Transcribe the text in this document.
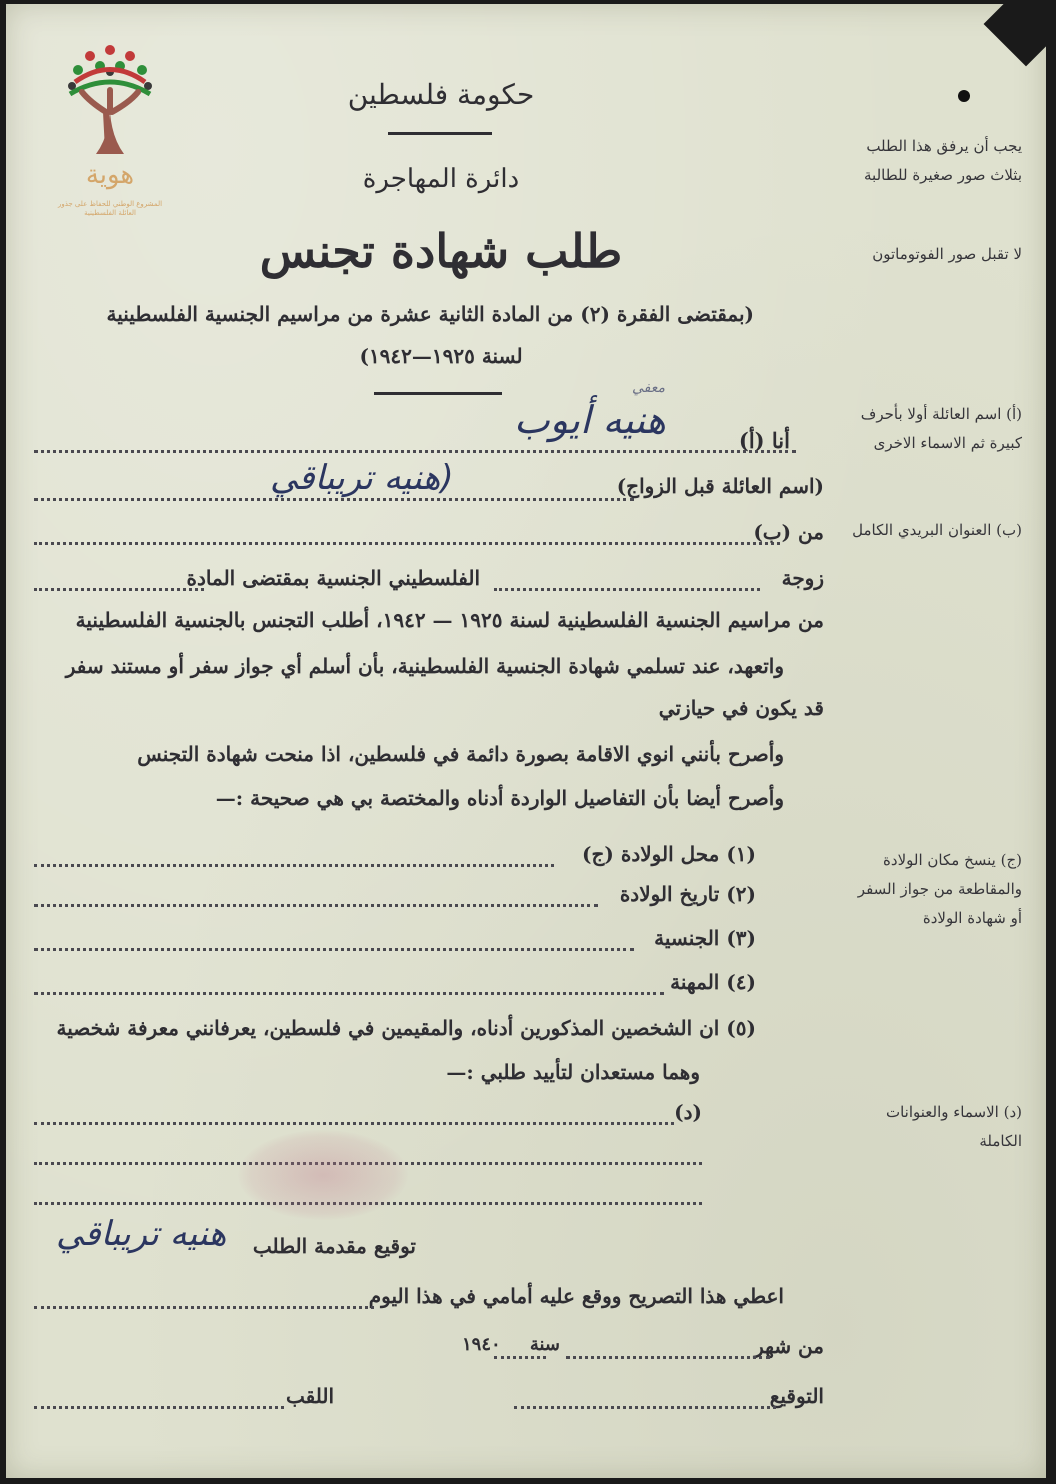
هوية
المشروع الوطني للحفاظ على جذور العائلة الفلسطينية
حكومة فلسطين
دائرة المهاجرة
طلب شهادة تجنس
(بمقتضى الفقرة (٢) من المادة الثانية عشرة من مراسيم الجنسية الفلسطينية
لسنة ١٩٢٥—١٩٤٢)
يجب أن يرفق هذا الطلب بثلاث صور صغيرة للطالبة
لا تقبل صور الفوتوماتون
(أ) اسم العائلة أولا بأحرف كبيرة ثم الاسماء الاخرى
(ب) العنوان البريدي الكامل
(ج) ينسخ مكان الولادة والمقاطعة من جواز السفر أو شهادة الولادة
(د) الاسماء والعنوانات الكاملة
أنا (أ)
هنيه أيوب
معفي
(اسم العائلة قبل الزواج)
(هنيه تريباقي
من (ب)
زوجة
الفلسطيني الجنسية بمقتضى المادة
من مراسيم الجنسية الفلسطينية لسنة ١٩٢٥ — ١٩٤٢، أطلب التجنس بالجنسية الفلسطينية
واتعهد، عند تسلمي شهادة الجنسية الفلسطينية، بأن أسلم أي جواز سفر أو مستند سفر
قد يكون في حيازتي
وأصرح بأنني انوي الاقامة بصورة دائمة في فلسطين، اذا منحت شهادة التجنس
وأصرح أيضا بأن التفاصيل الواردة أدناه والمختصة بي هي صحيحة :—
(١) محل الولادة (ج)
(٢) تاريخ الولادة
(٣) الجنسية
(٤) المهنة
(٥) ان الشخصين المذكورين أدناه، والمقيمين في فلسطين، يعرفانني معرفة شخصية
وهما مستعدان لتأييد طلبي :—
(د)
توقيع مقدمة الطلب
هنيه تريباقي
اعطي هذا التصريح ووقع عليه أمامي في هذا اليوم
من شهر
سنة
١٩٤٠
التوقيع
اللقب
